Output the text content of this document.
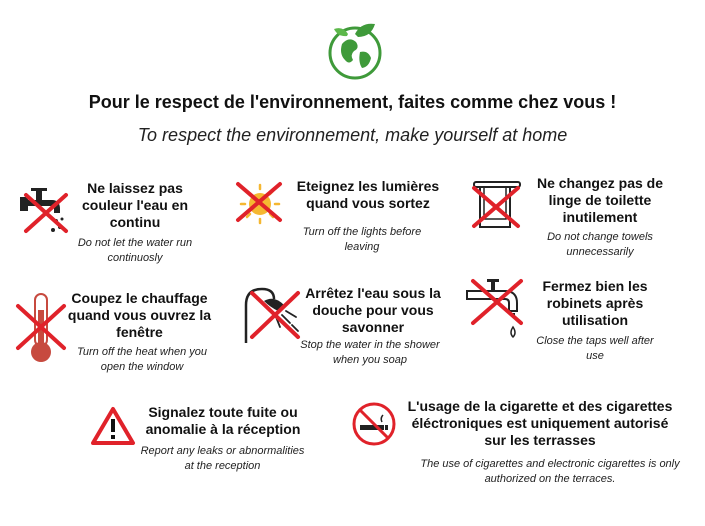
Pour le respect de l'environnement, faites comme chez vous !
To respect the environnement, make yourself at home
Ne laissez pas couleur l'eau en continu
Do not let the water run continuosly
Eteignez les lumières quand vous sortez
Turn off the lights before leaving
Ne changez pas de linge de toilette inutilement
Do not change towels unnecessarily
Coupez le chauffage quand vous ouvrez la fenêtre
Turn off the heat when you open the window
Arrêtez l'eau sous la douche pour vous savonner
Stop the water in the shower when you soap
Fermez bien les robinets après utilisation
Close the taps well after use
Signalez toute fuite ou anomalie à la réception
Report any leaks or abnormalities at the reception
L'usage de la cigarette et des cigarettes éléctroniques est uniquement autorisé sur les terrasses
The use of cigarettes and electronic cigarettes is only authorized on the terraces.
